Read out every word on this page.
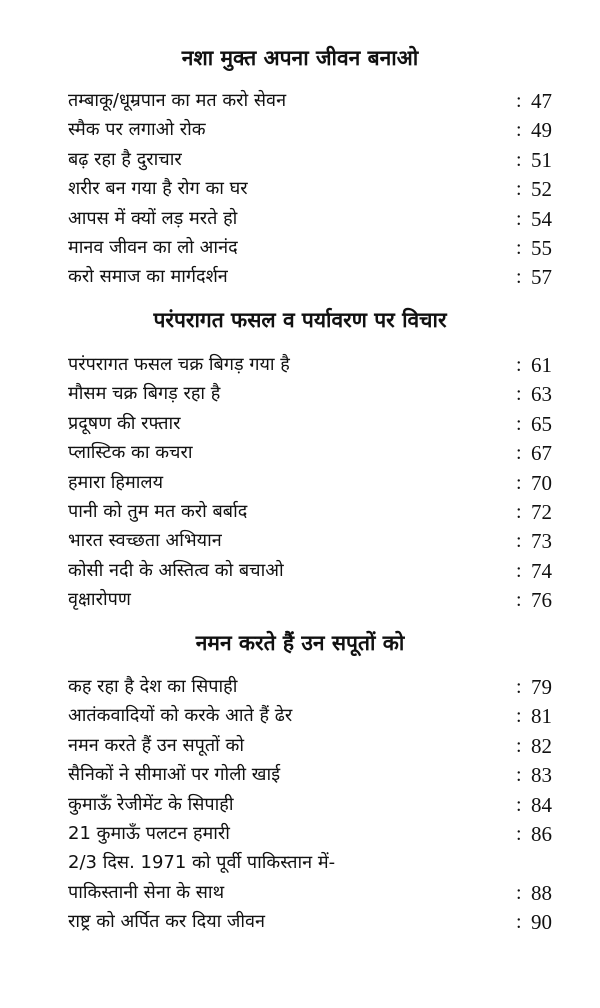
नशा मुक्त अपना जीवन बनाओ
तम्बाकू/धूम्रपान का मत करो सेवन	: 47
स्मैक पर लगाओ रोक	: 49
बढ़ रहा है दुराचार	: 51
शरीर बन गया है रोग का घर	: 52
आपस में क्यों लड़ मरते हो	: 54
मानव जीवन का लो आनंद	: 55
करो समाज का मार्गदर्शन	: 57
परंपरागत फसल व पर्यावरण पर विचार
परंपरागत फसल चक्र बिगड़ गया है	: 61
मौसम चक्र बिगड़ रहा है	: 63
प्रदूषण की रफ्तार	: 65
प्लास्टिक का कचरा	: 67
हमारा हिमालय	: 70
पानी को तुम मत करो बर्बाद	: 72
भारत स्वच्छता अभियान	: 73
कोसी नदी के अस्तित्व को बचाओ	: 74
वृक्षारोपण	: 76
नमन करते हैं उन सपूतों को
कह रहा है देश का सिपाही	: 79
आतंकवादियों को करके आते हैं ढेर	: 81
नमन करते हैं उन सपूतों को	: 82
सैनिकों ने सीमाओं पर गोली खाई	: 83
कुमाऊँ रेजीमेंट के सिपाही	: 84
21 कुमाऊँ पलटन हमारी	: 86
2/3 दिस. 1971 को पूर्वी पाकिस्तान में-
पाकिस्तानी सेना के साथ	: 88
राष्ट्र को अर्पित कर दिया जीवन	: 90
